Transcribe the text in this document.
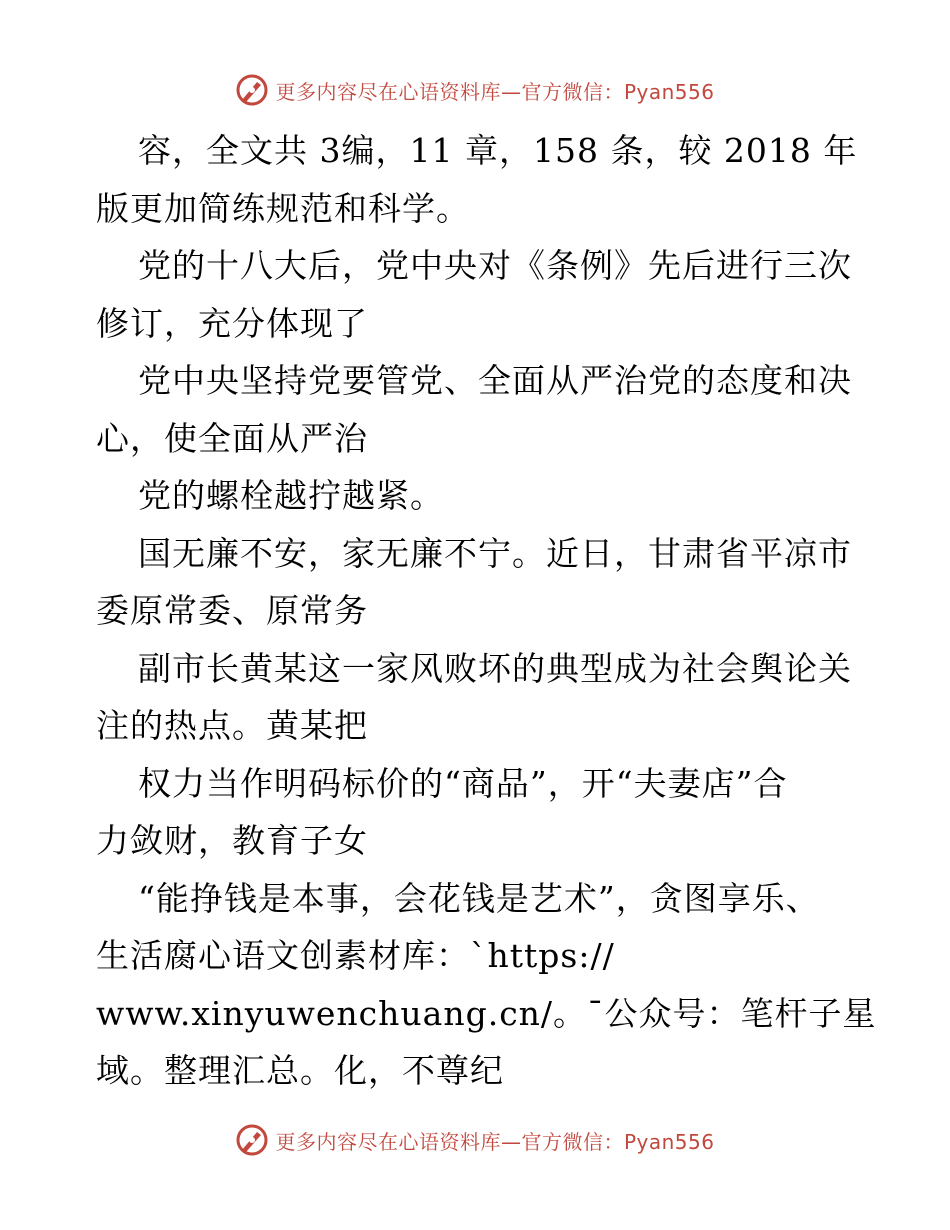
更多内容尽在心语资料库—官方微信：Pyan556
容，全文共 3编，11 章，158 条，较 2018 年
版更加简练规范和科学。
党的十八大后，党中央对《条例》先后进行三次
修订，充分体现了
党中央坚持党要管党、全面从严治党的态度和决
心，使全面从严治
党的螺栓越拧越紧。
国无廉不安，家无廉不宁。近日，甘肃省平凉市
委原常委、原常务
副市长黄某这一家风败坏的典型成为社会舆论关
注的热点。黄某把
权力当作明码标价的“商品”，开“夫妻店”合
力敛财，教育子女
“能挣钱是本事，会花钱是艺术”，贪图享乐、
生活腐心语文创素材库：`https://
www.xinyuwenchuang.cn/。¯公众号：笔杆子星
域。整理汇总。化，不尊纪
更多内容尽在心语资料库—官方微信：Pyan556
